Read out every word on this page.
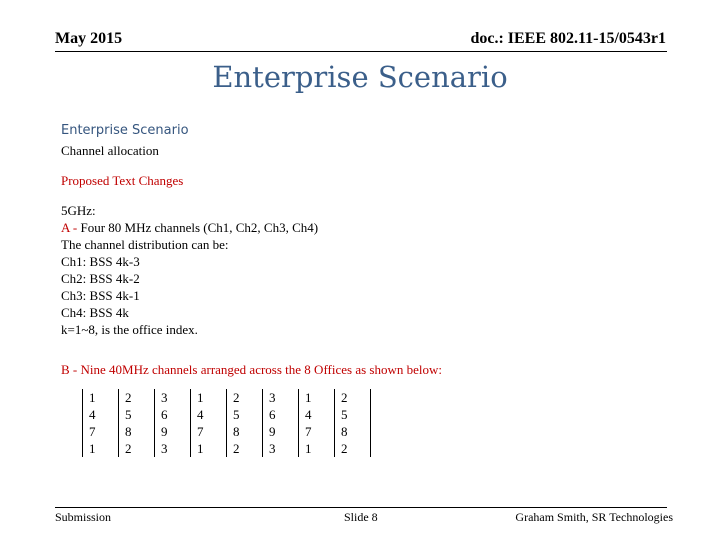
May 2015	doc.: IEEE 802.11-15/0543r1
Enterprise Scenario
Enterprise Scenario
Channel allocation
Proposed Text Changes
5GHz:
A - Four 80 MHz channels (Ch1, Ch2, Ch3, Ch4)
The channel distribution can be:
Ch1: BSS 4k-3
Ch2: BSS 4k-2
Ch3: BSS 4k-1
Ch4: BSS 4k
k=1~8, is the office index.
B - Nine 40MHz channels arranged across the 8 Offices as shown below:
1	2	3	1	2	3	1	2
4	5	6	4	5	6	4	5
7	8	9	7	8	9	7	8
1	2	3	1	2	3	1	2
Submission	Slide 8	Graham Smith, SR Technologies
